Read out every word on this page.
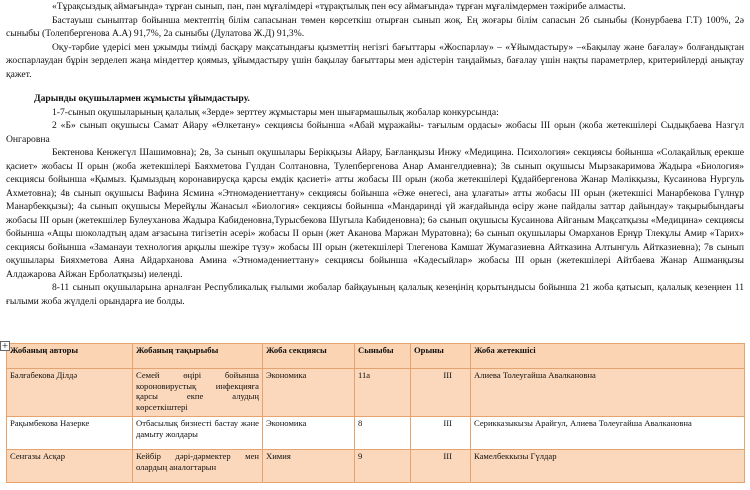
«Тұрақсыздық аймағында» тұрған сынып, пән, пән мұғалімдері «тұрақтылық пен өсу аймағында» тұрған мұғалімдермен тәжірибе алмасты.

Бастауыш сыныптар бойынша мектептің білім сапасынан төмен көрсеткіш отырған сынып жоқ. Ең жоғары білім сапасын 2б сыныбы (Конурбаева Г.Т) 100%, 2ә сыныбы (Толепбергенова А.А) 91,7%, 2а сыныбы (Дулатова Ж.Д) 91,3%.

Оқу-тәрбие үдерісі мен ұжымды тиімді басқару мақсатындағы қызметтің негізгі бағыттары «Жоспарлау» – «Ұйымдастыру» –«Бақылау және бағалау» болғандықтан жоспарлаудан бұрін зерделеп жаңа міндеттер қоямыз, ұйымдастыру үшін бақылау бағыттары мен әдістерін таңдаймыз, бағалау үшін нақты параметрлер, критерийлерді анықтау қажет.

Дарынды оқушылармен жұмысты ұйымдастыру.

1-7-сынып оқушыларының қалалық «Зерде» зерттеу жұмыстары мен шығармашылық жобалар конкурсында:

2 «Б» сынып оқушысы Самат Айару «Өлкетану» секциясы бойынша «Абай мұражайы- тағылым ордасы» жобасы ІІІ орын (жоба жетекшілері Сыдықбаева Назгүл Онгаровна

Бектенова Кенжегүл Шашимовна); 2в, 3ә сынып оқушылары Берікқызы Айару, Бағланқызы Инжу «Медицина. Психология» секциясы бойынша «Солақайлық ерекше қасиет» жобасы ІІ орын (жоба жетекшілері Баяхметова Гүлдан Солтановна, Тулепбергенова Анар Амангелдиевна); 3в сынып оқушысы Мырзакаримова Жадыра «Биология» секциясы бойынша «Қымыз. Қымыздың коронавирусқа қарсы емдік қасиеті» атты жобасы ІІІ орын (жоба жетекшілері Құдайбергенова Жанар Мәлікқызы, Кусаинова Нургуль Ахметовна); 4в сынып оқушысы Вафина Ясмина «Этномәдениеттану» секциясы бойынша «Әже өнегесі, ана ұлағаты» атты жобасы ІІІ орын (жетекшісі Манарбекова Гүлнұр Манарбекқызы); 4а сынып оқушысы Мерейұлы Жанасыл «Биология» секциясы бойынша «Мандариндi үй жағдайында өсіру және пайдалы заттар дайындау» тақырыбындағы жобасы ІІІ орын (жетекшілер Булеуханова Жадыра Кабиденовна,Турысбекова Шугыла Кабиденовна); 6ә сынып оқушысы Кусаинова Айганым Мақсатқызы «Медицина» секциясы бойынша «Ащы шоколадтың адам ағзасына тигізетін әсері» жобасы ІІ орын (жет Аканова Маржан Муратовна); 6ә сынып оқушылары Омарханов Ернұр Тлекұлы Амир «Тарих» секциясы бойынша «Заманауи технология арқылы шежіре түзу» жобасы ІІІ орын (жетекшілері Тлегенова Камшат Жумагазиевна Айтказина Алтынгуль Айтказиевна); 7в сынып оқушылары Бияхметова Аяна Айдарханова Амина «Этномәдениеттану» секциясы бойынша «Кәдесыйлар» жобасы ІІІ орын (жетекшілері Айтбаева Жанар Ашманқызы Алдажарова Айжан Ерболатқызы) иеленді.

8-11 сынып оқушыларына арналған Республикалық ғылыми жобалар байқауының қалалық кезеңінің қорытындысы бойынша 21 жоба қатысып, қалалық кезеңнен 11 ғылыми жоба жүлделі орындарға ие болды.

+ Жобаның авторы	Жобаның тақырыбы	Жоба секциясы	Сыныбы	Орыны	Жоба жетекшісі
Балғабекова Ділдә	Семей өңірі бойынша короновирустық инфекцияға қарсы екпе алудың көрсеткіштері	Экономика	11а	ІІІ	Алиева Толеугайша Авалкановна
Рақымбекова Назерке	Отбасылық бизнесті бастау және дамыту жолдары	Экономика	8	ІІІ	Серикказыкызы Арайгул, Алиева Толеугайша Авалкановна
Сенгазы Асқар	Кейбір дәрі-дәрмектер мен олардың аналогтарын	Химия	9	ІІІ	Камелбеккызы Гүлдар
